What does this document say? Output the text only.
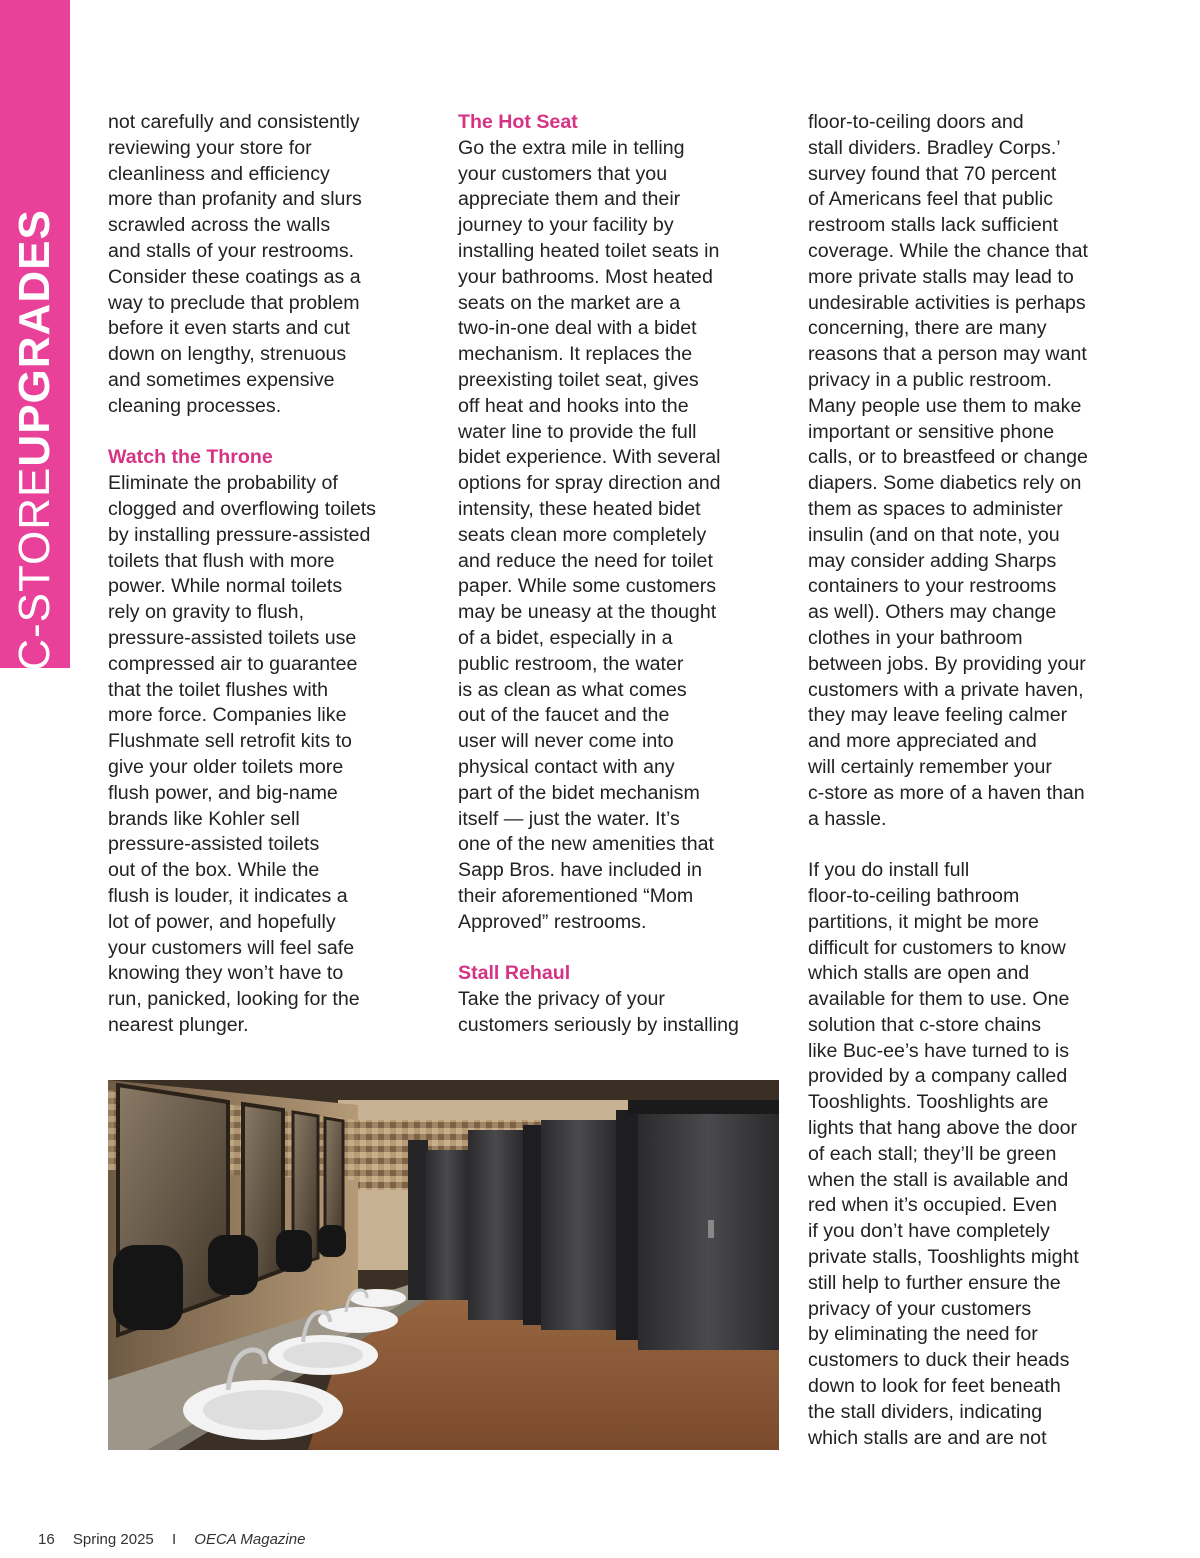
C-STOREUPGRADES

not carefully and consistently
reviewing your store for
cleanliness and efficiency
more than profanity and slurs
scrawled across the walls
and stalls of your restrooms.
Consider these coatings as a
way to preclude that problem
before it even starts and cut
down on lengthy, strenuous
and sometimes expensive
cleaning processes.

Watch the Throne

Eliminate the probability of
clogged and overflowing toilets
by installing pressure-assisted
toilets that flush with more
power. While normal toilets
rely on gravity to flush,
pressure-assisted toilets use
compressed air to guarantee
that the toilet flushes with
more force. Companies like
Flushmate sell retrofit kits to
give your older toilets more
flush power, and big-name
brands like Kohler sell
pressure-assisted toilets
out of the box. While the
flush is louder, it indicates a
lot of power, and hopefully
your customers will feel safe
knowing they won’t have to
run, panicked, looking for the
nearest plunger.

The Hot Seat

Go the extra mile in telling
your customers that you
appreciate them and their
journey to your facility by
installing heated toilet seats in
your bathrooms. Most heated
seats on the market are a
two-in-one deal with a bidet
mechanism. It replaces the
preexisting toilet seat, gives
off heat and hooks into the
water line to provide the full
bidet experience. With several
options for spray direction and
intensity, these heated bidet
seats clean more completely
and reduce the need for toilet
paper. While some customers
may be uneasy at the thought
of a bidet, especially in a
public restroom, the water
is as clean as what comes
out of the faucet and the
user will never come into
physical contact with any
part of the bidet mechanism
itself — just the water. It’s
one of the new amenities that
Sapp Bros. have included in
their aforementioned “Mom
Approved” restrooms.

Stall Rehaul

Take the privacy of your
customers seriously by installing

floor-to-ceiling doors and
stall dividers. Bradley Corps.’
survey found that 70 percent
of Americans feel that public
restroom stalls lack sufficient
coverage. While the chance that
more private stalls may lead to
undesirable activities is perhaps
concerning, there are many
reasons that a person may want
privacy in a public restroom.
Many people use them to make
important or sensitive phone
calls, or to breastfeed or change
diapers. Some diabetics rely on
them as spaces to administer
insulin (and on that note, you
may consider adding Sharps
containers to your restrooms
as well). Others may change
clothes in your bathroom
between jobs. By providing your
customers with a private haven,
they may leave feeling calmer
and more appreciated and
will certainly remember your
c-store as more of a haven than
a hassle.

If you do install full
floor-to-ceiling bathroom
partitions, it might be more
difficult for customers to know
which stalls are open and
available for them to use. One
solution that c-store chains
like Buc-ee’s have turned to is
provided by a company called
Tooshlights. Tooshlights are
lights that hang above the door
of each stall; they’ll be green
when the stall is available and
red when it’s occupied. Even
if you don’t have completely
private stalls, Tooshlights might
still help to further ensure the
privacy of your customers
by eliminating the need for
customers to duck their heads
down to look for feet beneath
the stall dividers, indicating
which stalls are and are not

16 Spring 2025 I OECA Magazine
